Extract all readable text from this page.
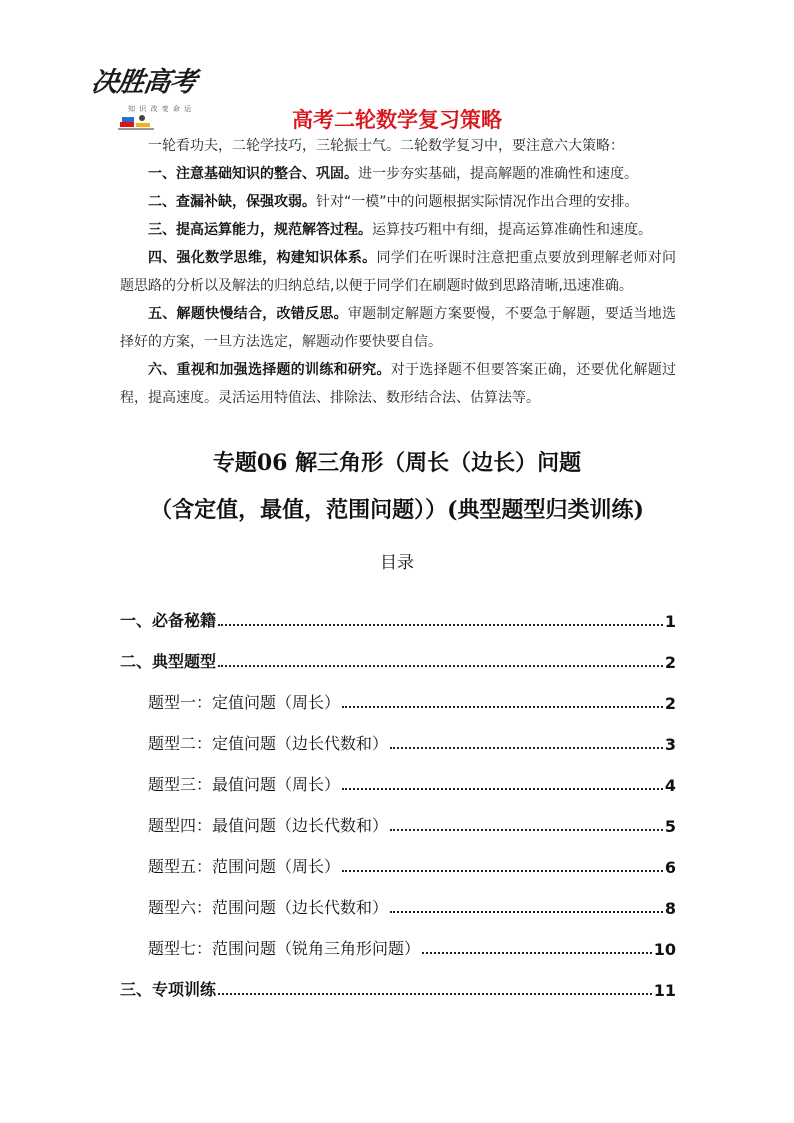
决胜高考
知 识 改 变 命 运	高考二轮数学复习策略

一轮看功夫，二轮学技巧，三轮振士气。二轮数学复习中，要注意六大策略：

一、注意基础知识的整合、巩固。进一步夯实基础，提高解题的准确性和速度。

二、查漏补缺，保强攻弱。针对“一模”中的问题根据实际情况作出合理的安排。

三、提高运算能力，规范解答过程。运算技巧粗中有细，提高运算准确性和速度。

四、强化数学思维，构建知识体系。同学们在听课时注意把重点要放到理解老师对问题思路的分析以及解法的归纳总结,以便于同学们在刷题时做到思路清晰,迅速准确。

五、解题快慢结合，改错反思。审题制定解题方案要慢，不要急于解题，要适当地选择好的方案，一旦方法选定，解题动作要快要自信。

六、重视和加强选择题的训练和研究。对于选择题不但要答案正确，还要优化解题过程，提高速度。灵活运用特值法、排除法、数形结合法、估算法等。

专题06 解三角形（周长（边长）问题
（含定值，最值，范围问题））(典型题型归类训练)
目录
一、必备秘籍	1
二、典型题型	2
题型一：定值问题（周长）	2
题型二：定值问题（边长代数和）	3
题型三：最值问题（周长）	4
题型四：最值问题（边长代数和）	5
题型五：范围问题（周长）	6
题型六：范围问题（边长代数和）	8
题型七：范围问题（锐角三角形问题）	10
三、专项训练	11
